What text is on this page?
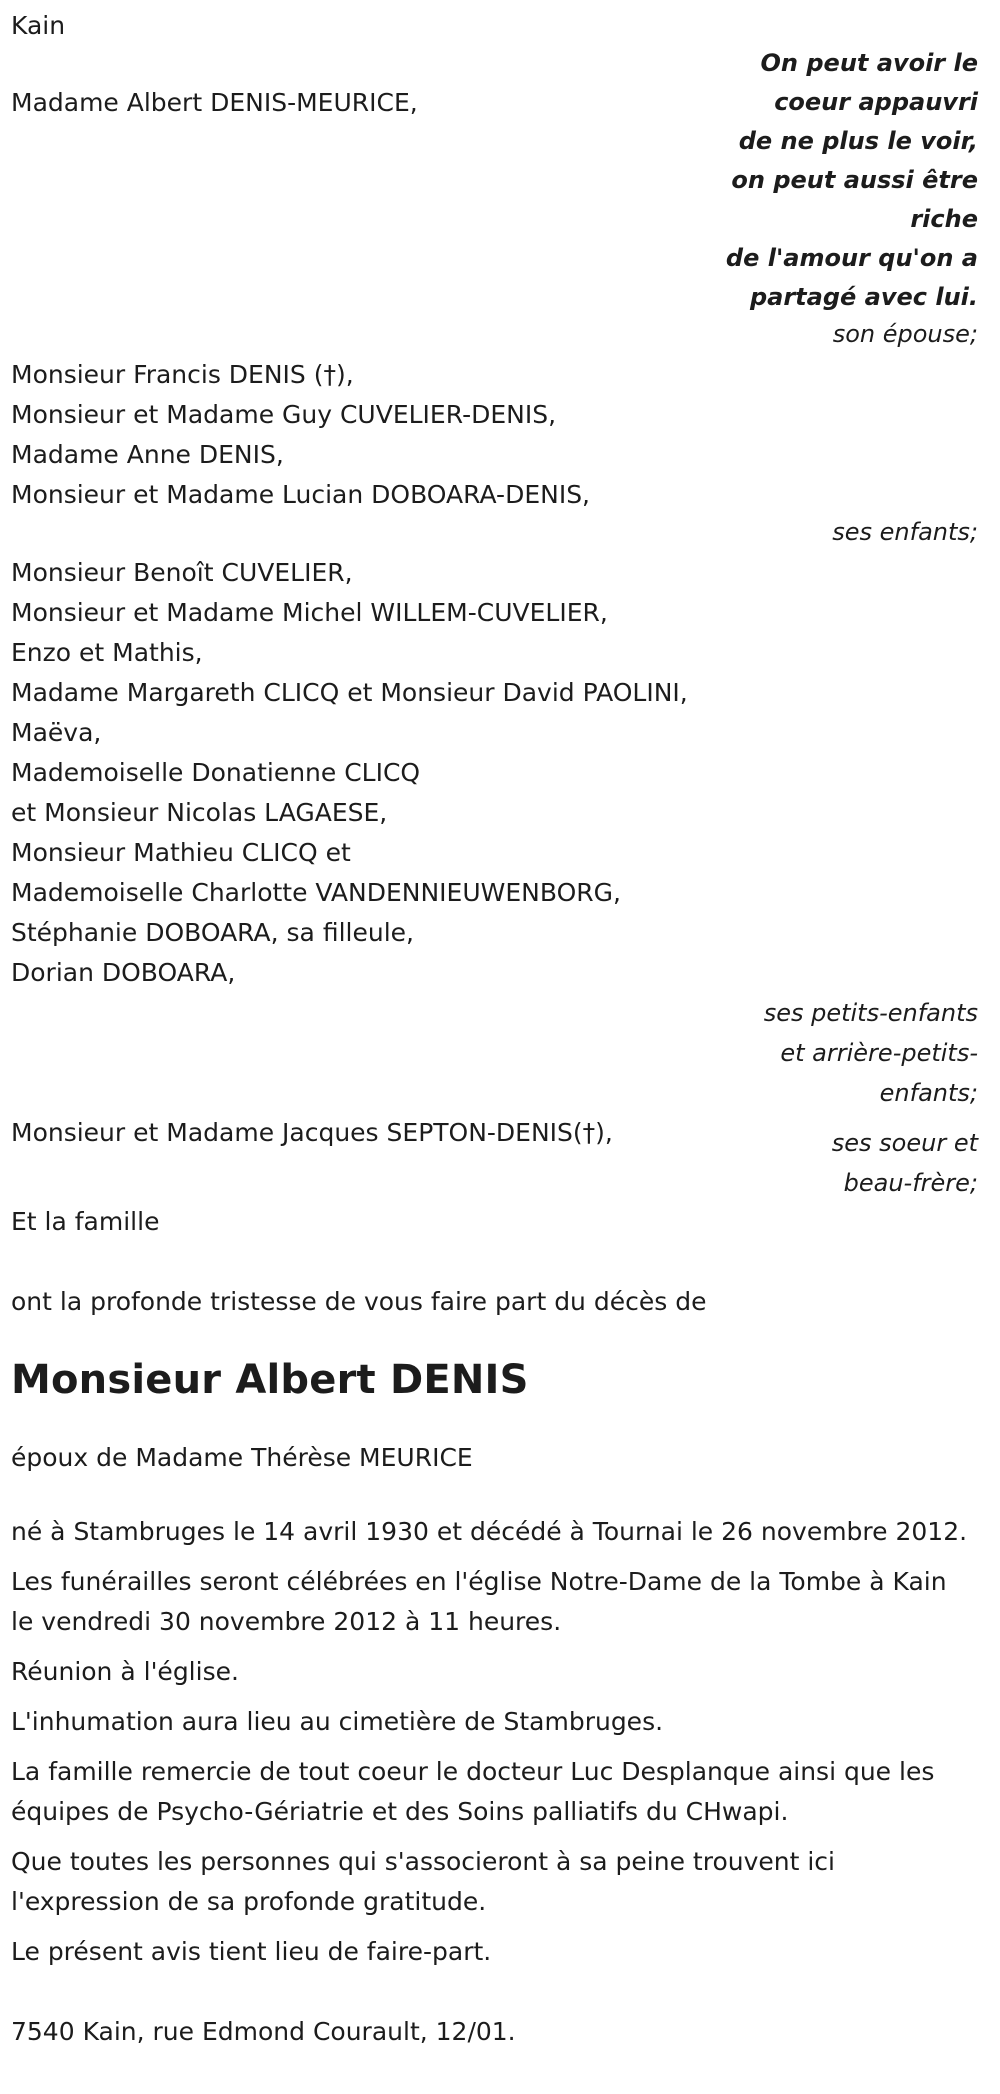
Kain
Madame Albert DENIS-MEURICE,
On peut avoir le
coeur appauvri
de ne plus le voir,
on peut aussi être
riche
de l'amour qu'on a
partagé avec lui.
son épouse;
Monsieur Francis DENIS (†),
Monsieur et Madame Guy CUVELIER-DENIS,
Madame Anne DENIS,
Monsieur et Madame Lucian DOBOARA-DENIS,
ses enfants;
Monsieur Benoît CUVELIER,
Monsieur et Madame Michel WILLEM-CUVELIER,
Enzo et Mathis,
Madame Margareth CLICQ et Monsieur David PAOLINI,
Maëva,
Mademoiselle Donatienne CLICQ
et Monsieur Nicolas LAGAESE,
Monsieur Mathieu CLICQ et
Mademoiselle Charlotte VANDENNIEUWENBORG,
Stéphanie DOBOARA, sa filleule,
Dorian DOBOARA,
ses petits-enfants
et arrière-petits-
enfants;
Monsieur et Madame Jacques SEPTON-DENIS(†),	ses soeur et
beau-frère;
Et la famille
ont la profonde tristesse de vous faire part du décès de
Monsieur Albert DENIS
époux de Madame Thérèse MEURICE

né à Stambruges le 14 avril 1930 et décédé à Tournai le 26 novembre 2012.

Les funérailles seront célébrées en l'église Notre-Dame de la Tombe à Kain le vendredi 30 novembre 2012 à 11 heures.

Réunion à l'église.

L'inhumation aura lieu au cimetière de Stambruges.

La famille remercie de tout coeur le docteur Luc Desplanque ainsi que les équipes de Psycho-Gériatrie et des Soins palliatifs du CHwapi.

Que toutes les personnes qui s'associeront à sa peine trouvent ici l'expression de sa profonde gratitude.

Le présent avis tient lieu de faire-part.

7540 Kain, rue Edmond Courault, 12/01.
